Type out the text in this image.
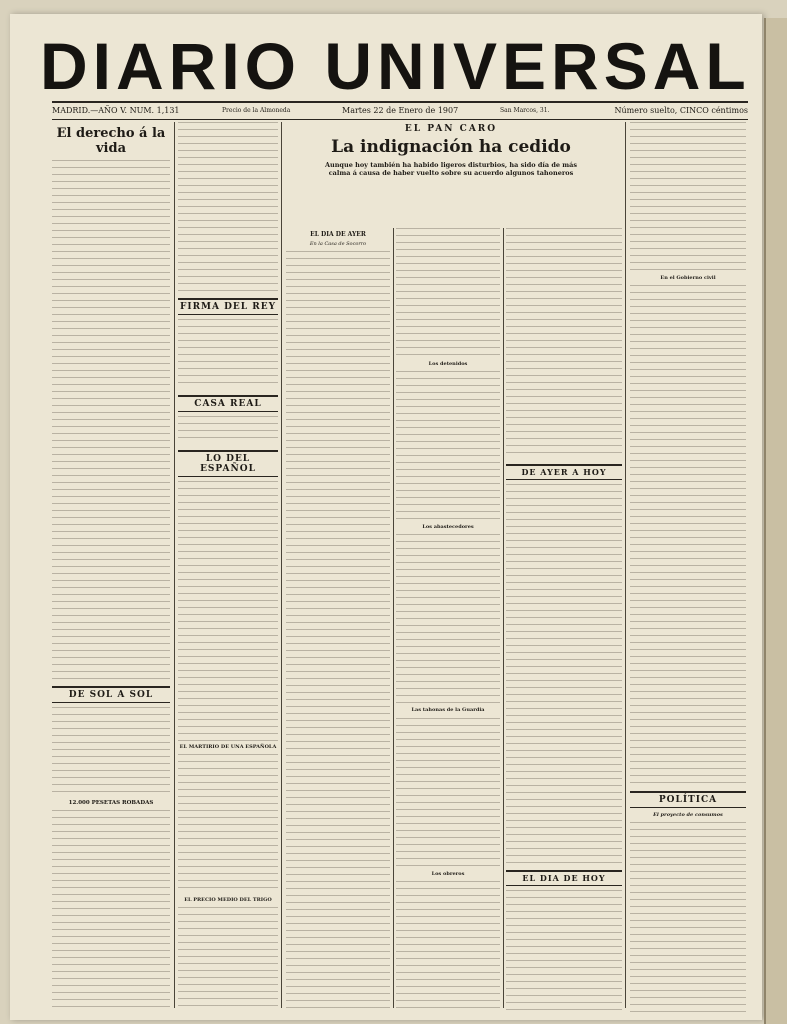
DIARIO UNIVERSAL
MADRID.—AÑO V. NUM. 1,131	Precio de la Almoneda	Martes 22 de Enero de 1907	San Marcos, 31.	Número suelto, CINCO céntimos
El derecho á la vida
DE SOL A SOL
12.000 PESETAS ROBADAS
FIRMA DEL REY
CASA REAL
LO DEL ESPAÑOL
EL MARTIRIO DE UNA ESPAÑOLA
EL PRECIO MEDIO DEL TRIGO
EL PAN CARO
La indignación ha cedido
Aunque hoy también ha habido ligeros disturbios, ha sido día de más calma á causa de haber vuelto sobre su acuerdo algunos tahoneros
EL DIA DE AYER
En la Casa de Socorro
Los detenidos
Los abastecedores
Las tahonas de la Guardia
Los obreros
DE AYER A HOY
EL DIA DE HOY
En el Gobierno civil
POLÍTICA
El proyecto de consumos
